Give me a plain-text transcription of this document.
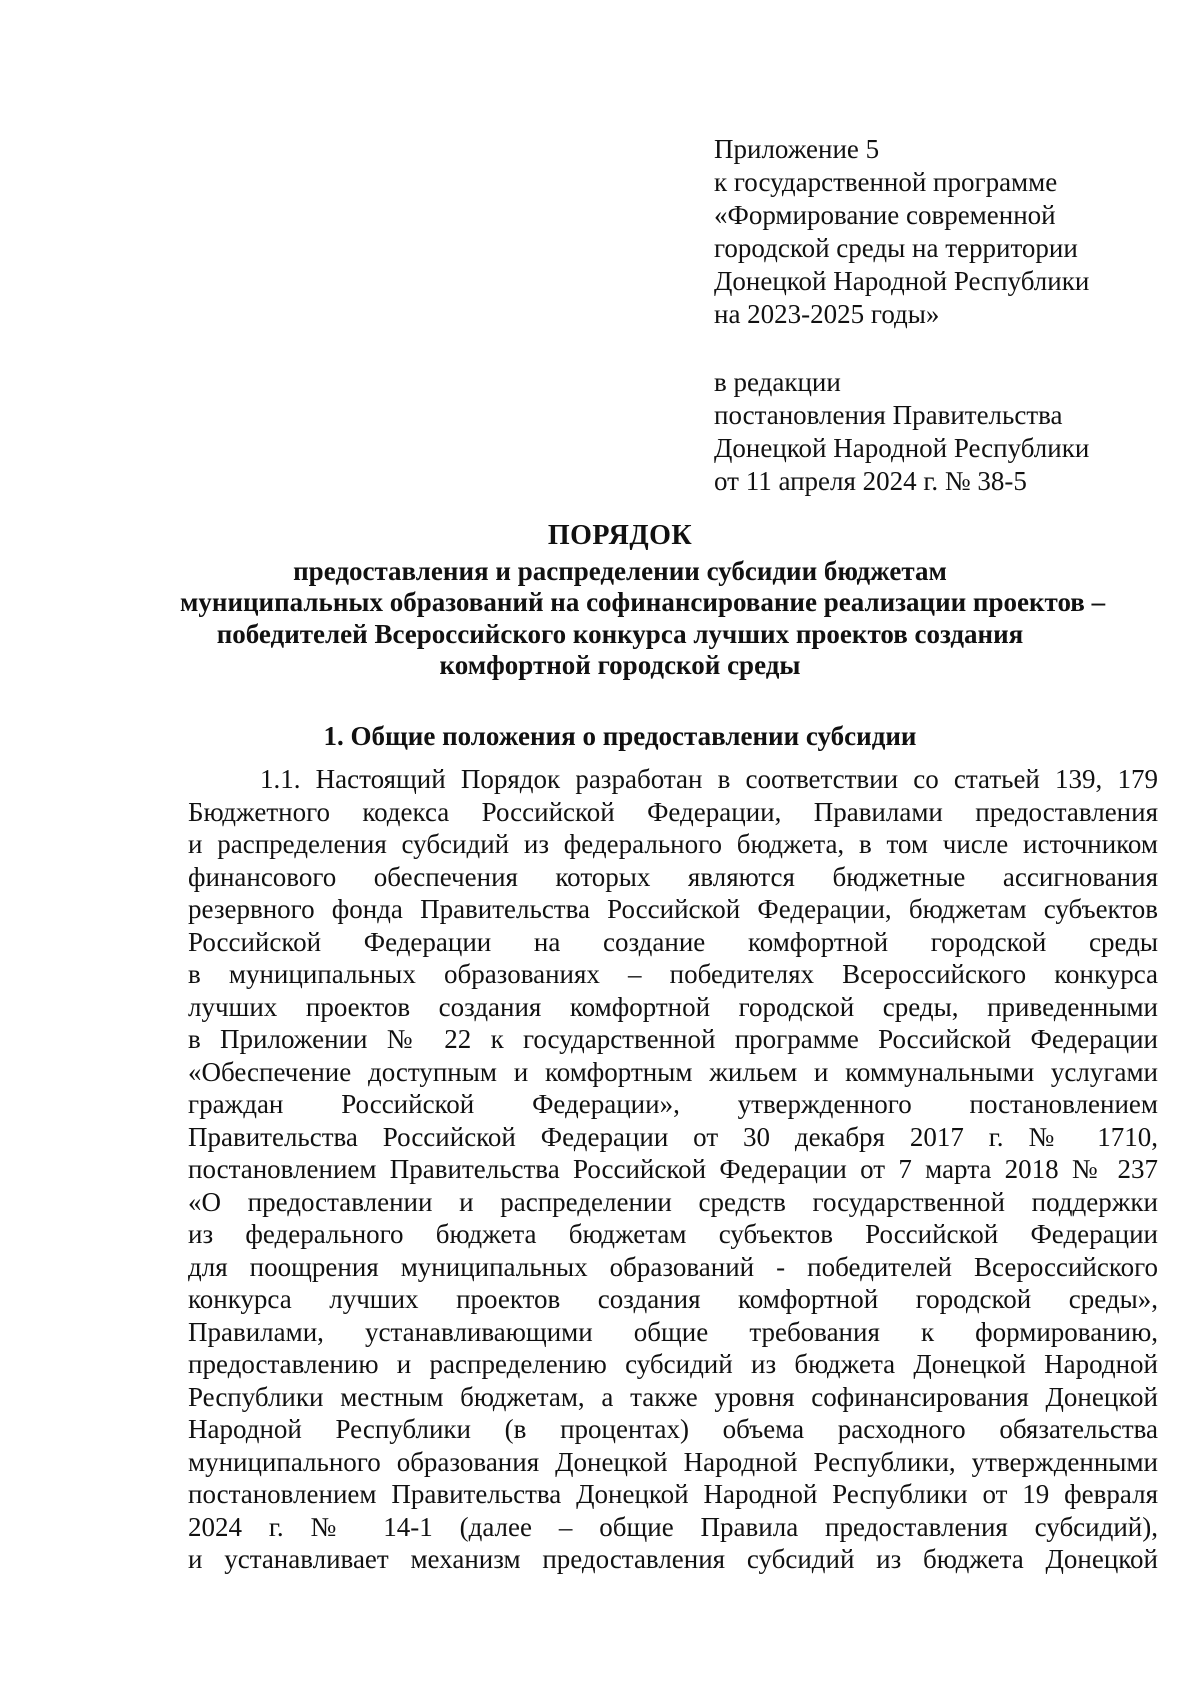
Приложение 5
к государственной программе
«Формирование современной
городской среды на территории
Донецкой Народной Республики
на 2023-2025 годы»
в редакции
постановления Правительства
Донецкой Народной Республики
от 11 апреля 2024 г. № 38-5
ПОРЯДОК
предоставления и распределении субсидии бюджетам
муниципальных образований на софинансирование реализации проектов –
победителей Всероссийского конкурса лучших проектов создания
комфортной городской среды
1. Общие положения о предоставлении субсидии
1.1. Настоящий Порядок разработан в соответствии со статьей 139, 179
Бюджетного кодекса Российской Федерации, Правилами предоставления
и распределения субсидий из федерального бюджета, в том числе источником
финансового обеспечения которых являются бюджетные ассигнования
резервного фонда Правительства Российской Федерации, бюджетам субъектов
Российской Федерации на создание комфортной городской среды
в муниципальных образованиях – победителях Всероссийского конкурса
лучших проектов создания комфортной городской среды, приведенными
в Приложении № 22 к государственной программе Российской Федерации
«Обеспечение доступным и комфортным жильем и коммунальными услугами
граждан Российской Федерации», утвержденного постановлением
Правительства Российской Федерации от 30 декабря 2017 г. № 1710,
постановлением Правительства Российской Федерации от 7 марта 2018 № 237
«О предоставлении и распределении средств государственной поддержки
из федерального бюджета бюджетам субъектов Российской Федерации
для поощрения муниципальных образований - победителей Всероссийского
конкурса лучших проектов создания комфортной городской среды»,
Правилами, устанавливающими общие требования к формированию,
предоставлению и распределению субсидий из бюджета Донецкой Народной
Республики местным бюджетам, а также уровня софинансирования Донецкой
Народной Республики (в процентах) объема расходного обязательства
муниципального образования Донецкой Народной Республики, утвержденными
постановлением Правительства Донецкой Народной Республики от 19 февраля
2024 г. № 14-1 (далее – общие Правила предоставления субсидий),
и устанавливает механизм предоставления субсидий из бюджета Донецкой
